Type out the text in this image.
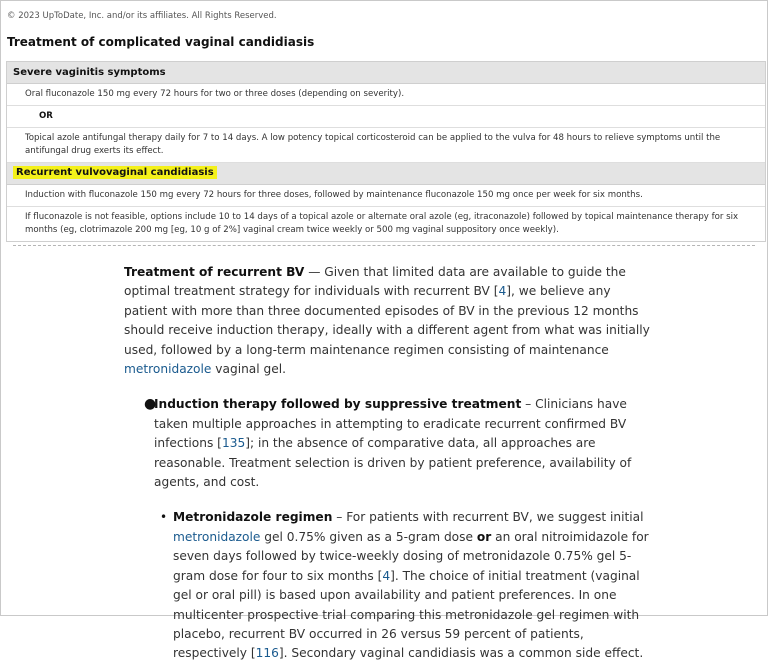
© 2023 UpToDate, Inc. and/or its affiliates. All Rights Reserved.
Treatment of complicated vaginal candidiasis
Severe vaginitis symptoms
Oral fluconazole 150 mg every 72 hours for two or three doses (depending on severity).
OR
Topical azole antifungal therapy daily for 7 to 14 days. A low potency topical corticosteroid can be applied to the vulva for 48 hours to relieve symptoms until the antifungal drug exerts its effect.
Recurrent vulvovaginal candidiasis
Induction with fluconazole 150 mg every 72 hours for three doses, followed by maintenance fluconazole 150 mg once per week for six months.
If fluconazole is not feasible, options include 10 to 14 days of a topical azole or alternate oral azole (eg, itraconazole) followed by topical maintenance therapy for six months (eg, clotrimazole 200 mg [eg, 10 g of 2%] vaginal cream twice weekly or 500 mg vaginal suppository once weekly).

Treatment of recurrent BV — Given that limited data are available to guide the optimal treatment strategy for individuals with recurrent BV [4], we believe any patient with more than three documented episodes of BV in the previous 12 months should receive induction therapy, ideally with a different agent from what was initially used, followed by a long-term maintenance regimen consisting of maintenance metronidazole vaginal gel.

●
Induction therapy followed by suppressive treatment – Clinicians have taken multiple approaches in attempting to eradicate recurrent confirmed BV infections [135]; in the absence of comparative data, all approaches are reasonable. Treatment selection is driven by patient preference, availability of agents, and cost.
• Metronidazole regimen – For patients with recurrent BV, we suggest initial metronidazole gel 0.75% given as a 5-gram dose or an oral nitroimidazole for seven days followed by twice-weekly dosing of metronidazole 0.75% gel 5-gram dose for four to six months [4]. The choice of initial treatment (vaginal gel or oral pill) is based upon availability and patient preferences. In one multicenter prospective trial comparing this metronidazole gel regimen with placebo, recurrent BV occurred in 26 versus 59 percent of patients, respectively [116]. Secondary vaginal candidiasis was a common side effect.
